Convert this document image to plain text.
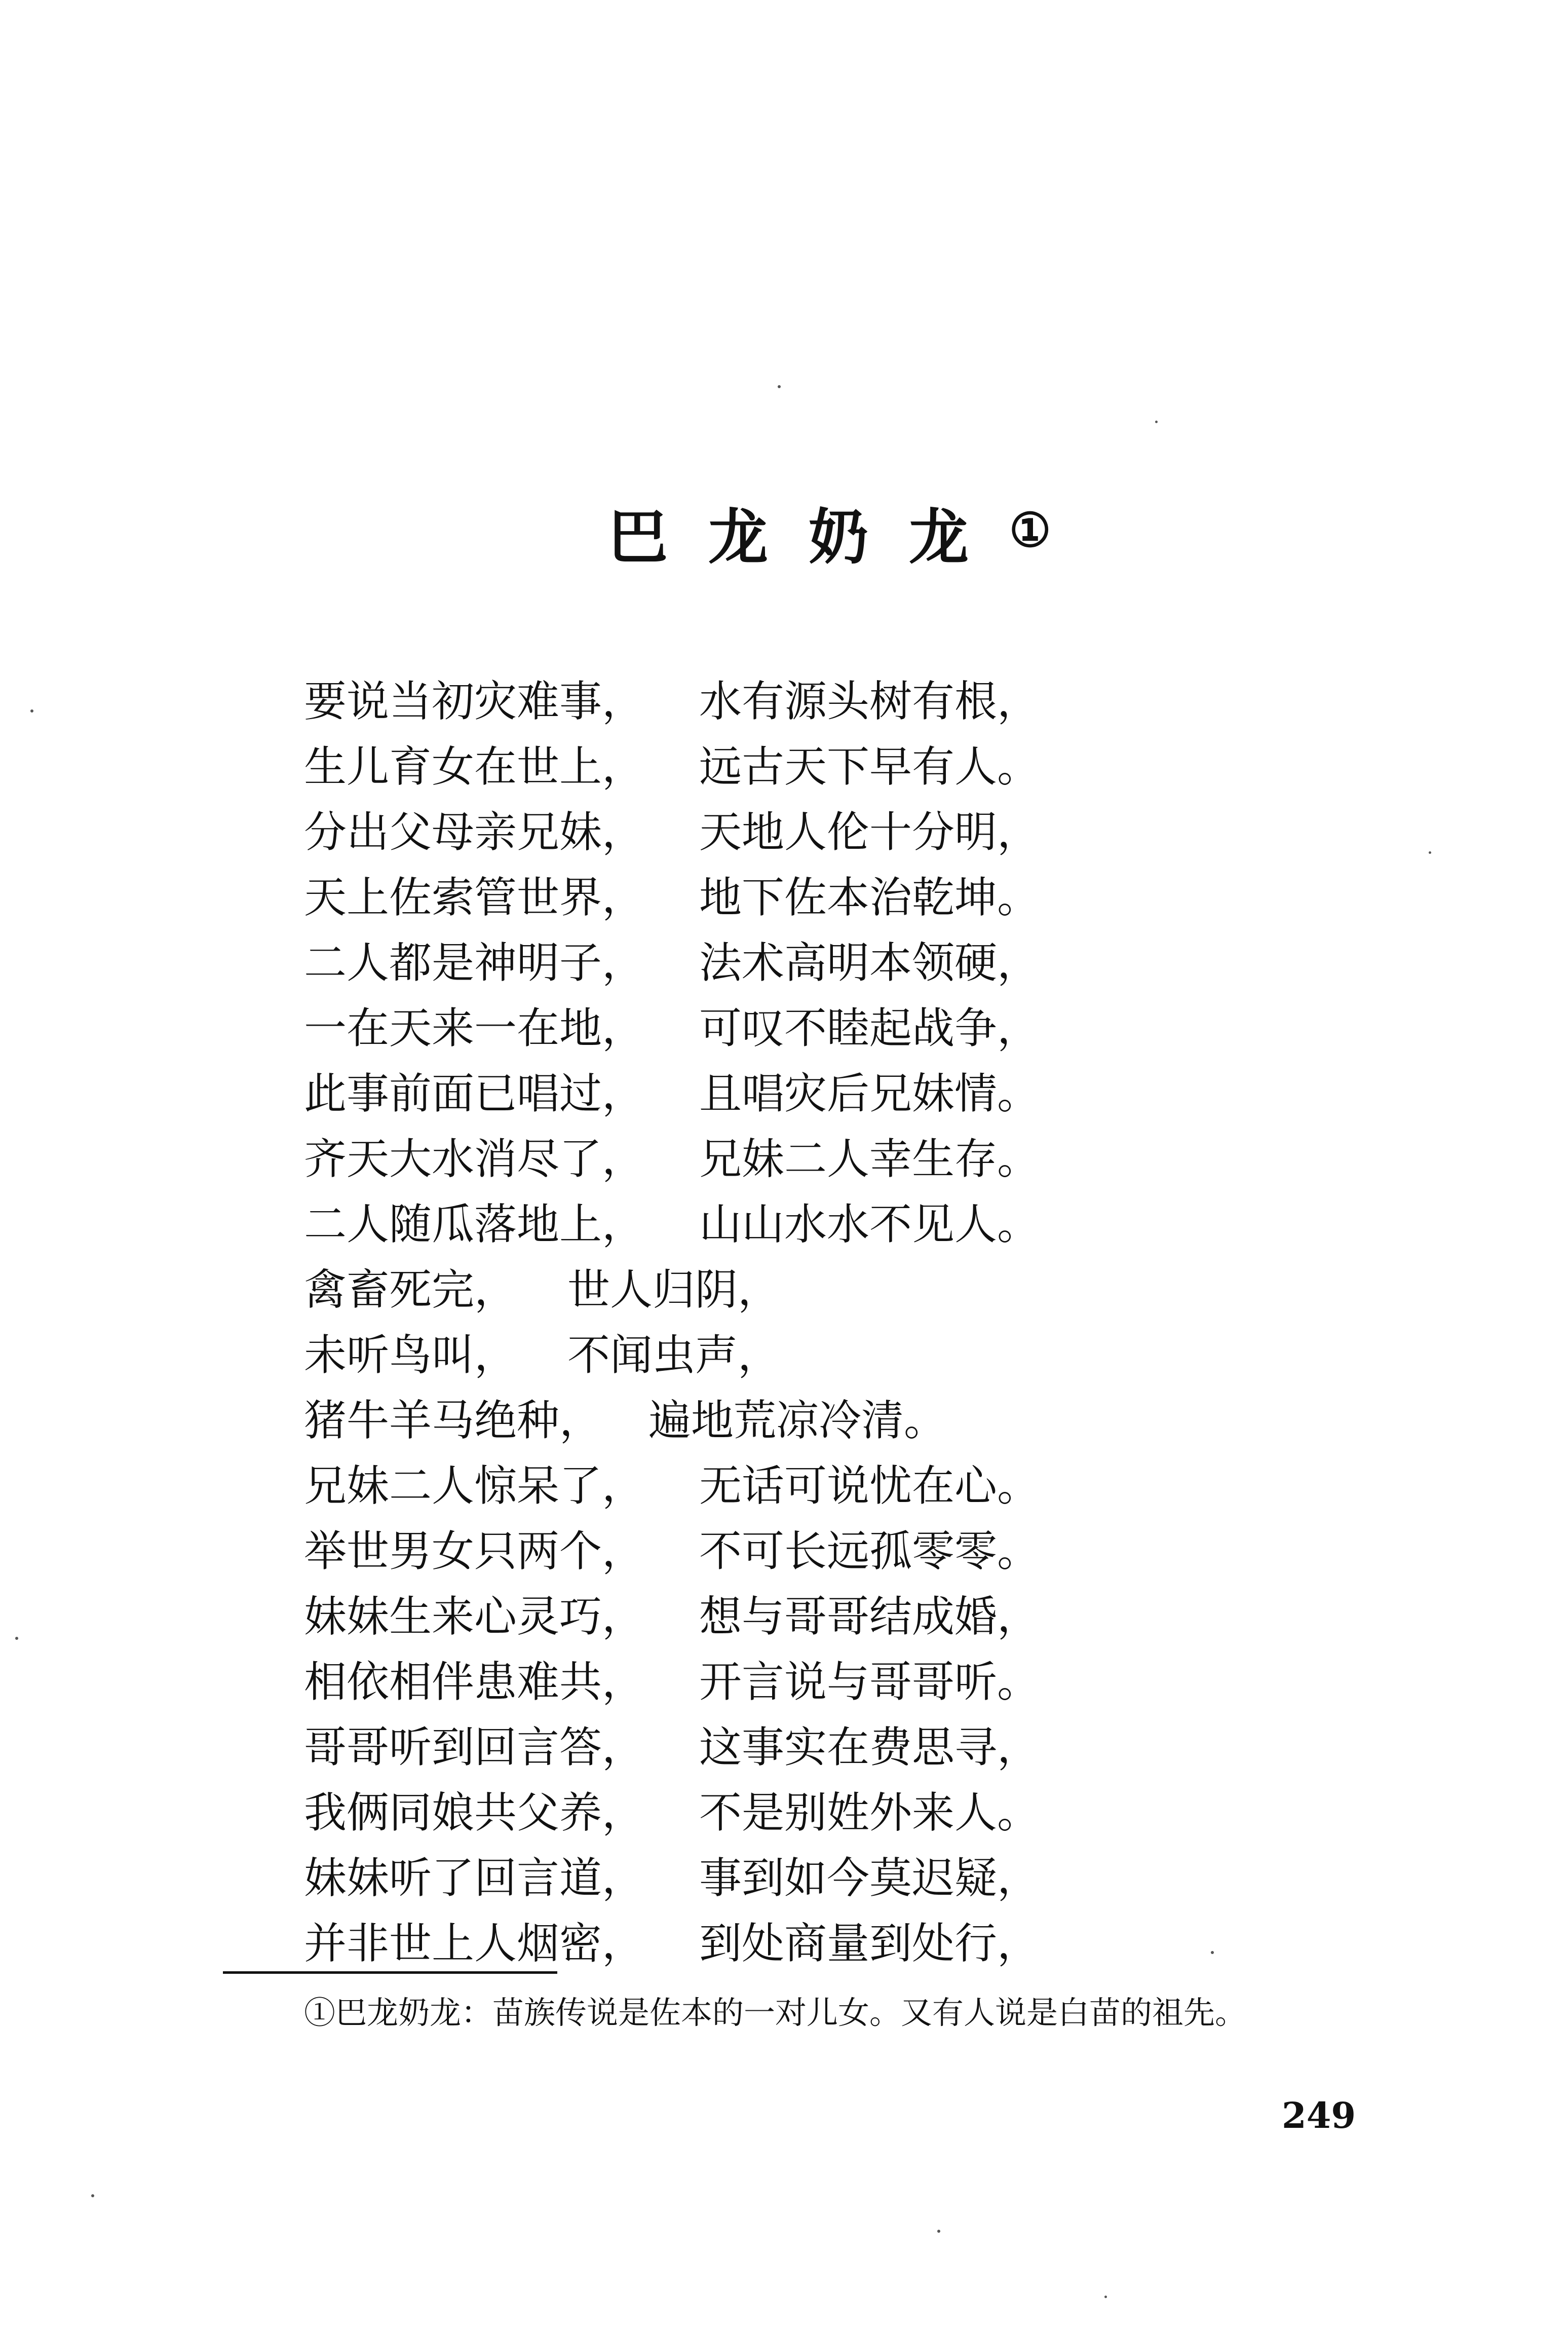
巴龙奶龙①
要说当初灾难事， 水有源头树有根，
生儿育女在世上， 远古天下早有人。
分出父母亲兄妹， 天地人伦十分明，
天上佐索管世界， 地下佐本治乾坤。
二人都是神明子， 法术高明本领硬，
一在天来一在地， 可叹不睦起战争，
此事前面已唱过， 且唱灾后兄妹情。
齐天大水消尽了， 兄妹二人幸生存。
二人随瓜落地上， 山山水水不见人。
禽畜死完， 世人归阴，
未听鸟叫， 不闻虫声，
猪牛羊马绝种， 遍地荒凉冷清。
兄妹二人惊呆了， 无话可说忧在心。
举世男女只两个， 不可长远孤零零。
妹妹生来心灵巧， 想与哥哥结成婚，
相依相伴患难共， 开言说与哥哥听。
哥哥听到回言答， 这事实在费思寻，
我俩同娘共父养， 不是别姓外来人。
妹妹听了回言道， 事到如今莫迟疑，
并非世上人烟密， 到处商量到处行，
①巴龙奶龙：苗族传说是佐本的一对儿女。又有人说是白苗的祖先。
249
